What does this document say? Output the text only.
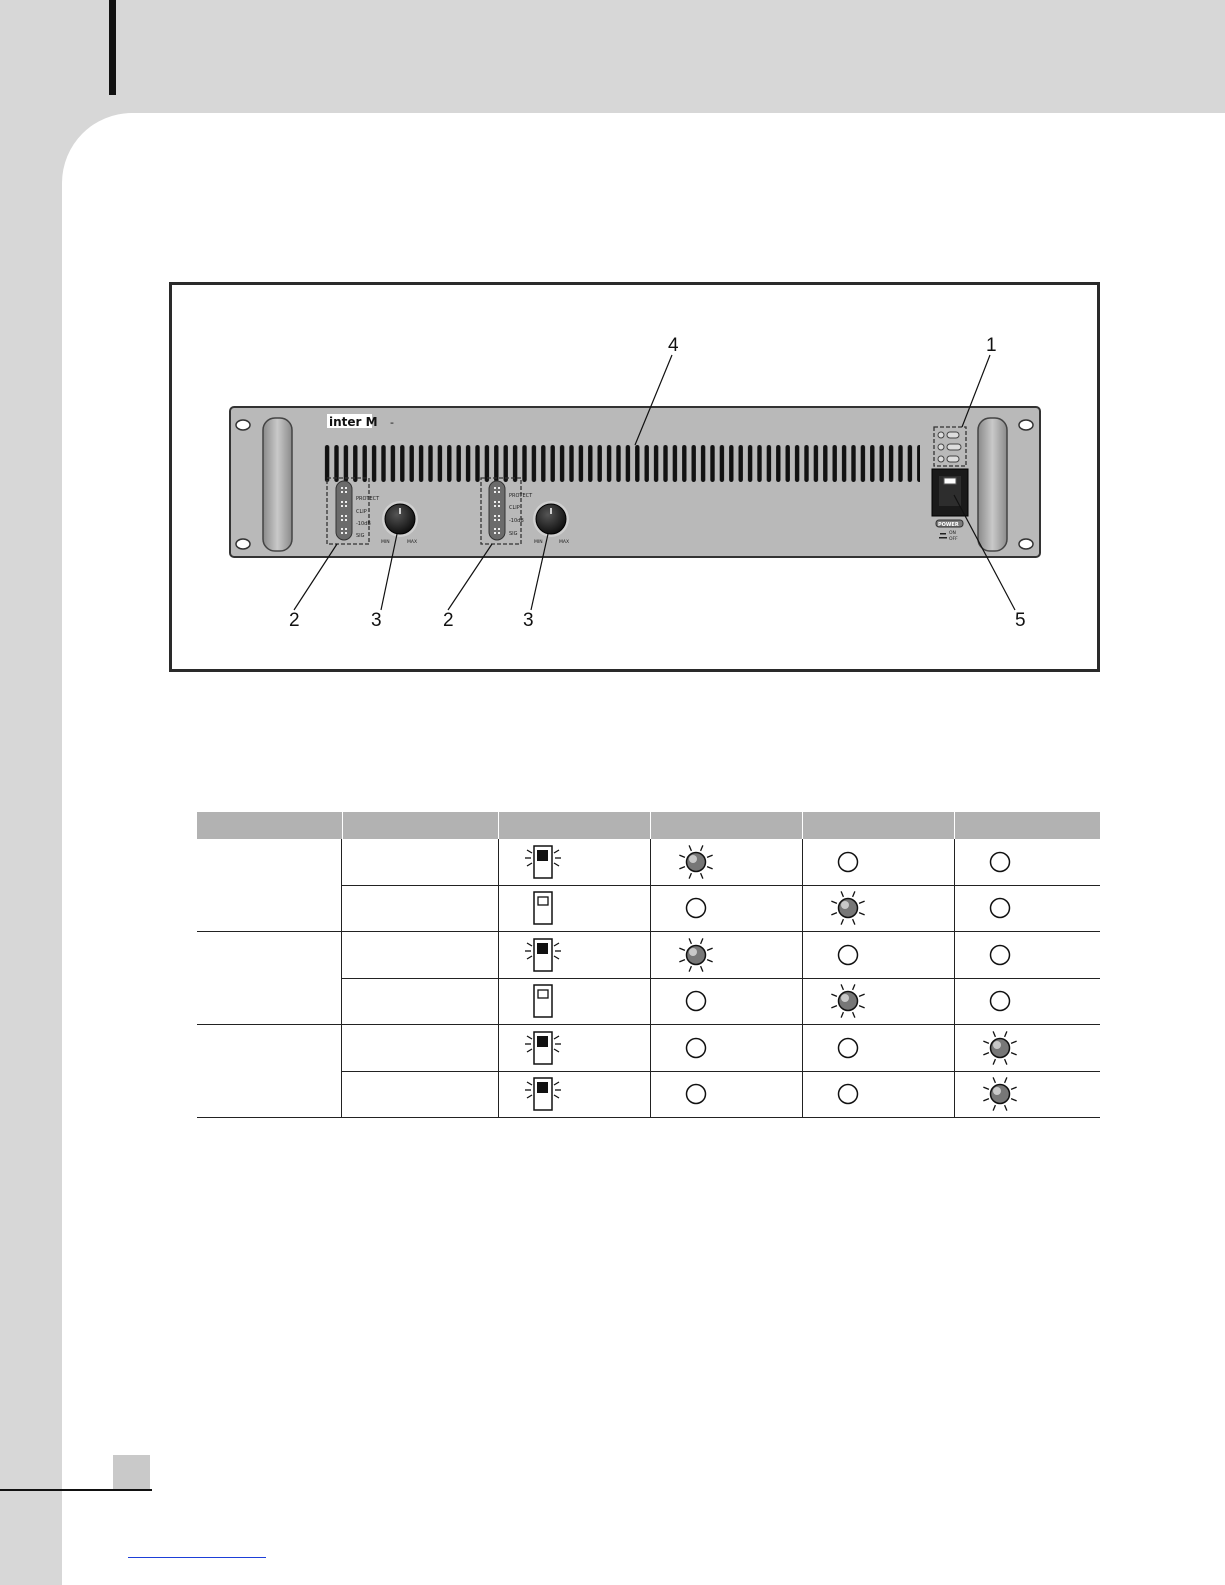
inter M -
PROTECT
CLIP
-10dB
SIG
MIN	MAX
PROTECT
CLIP
-10dB
SIG
MIN	MAX
POWER
ON
OFF
1
4
2	3	2	3	5
